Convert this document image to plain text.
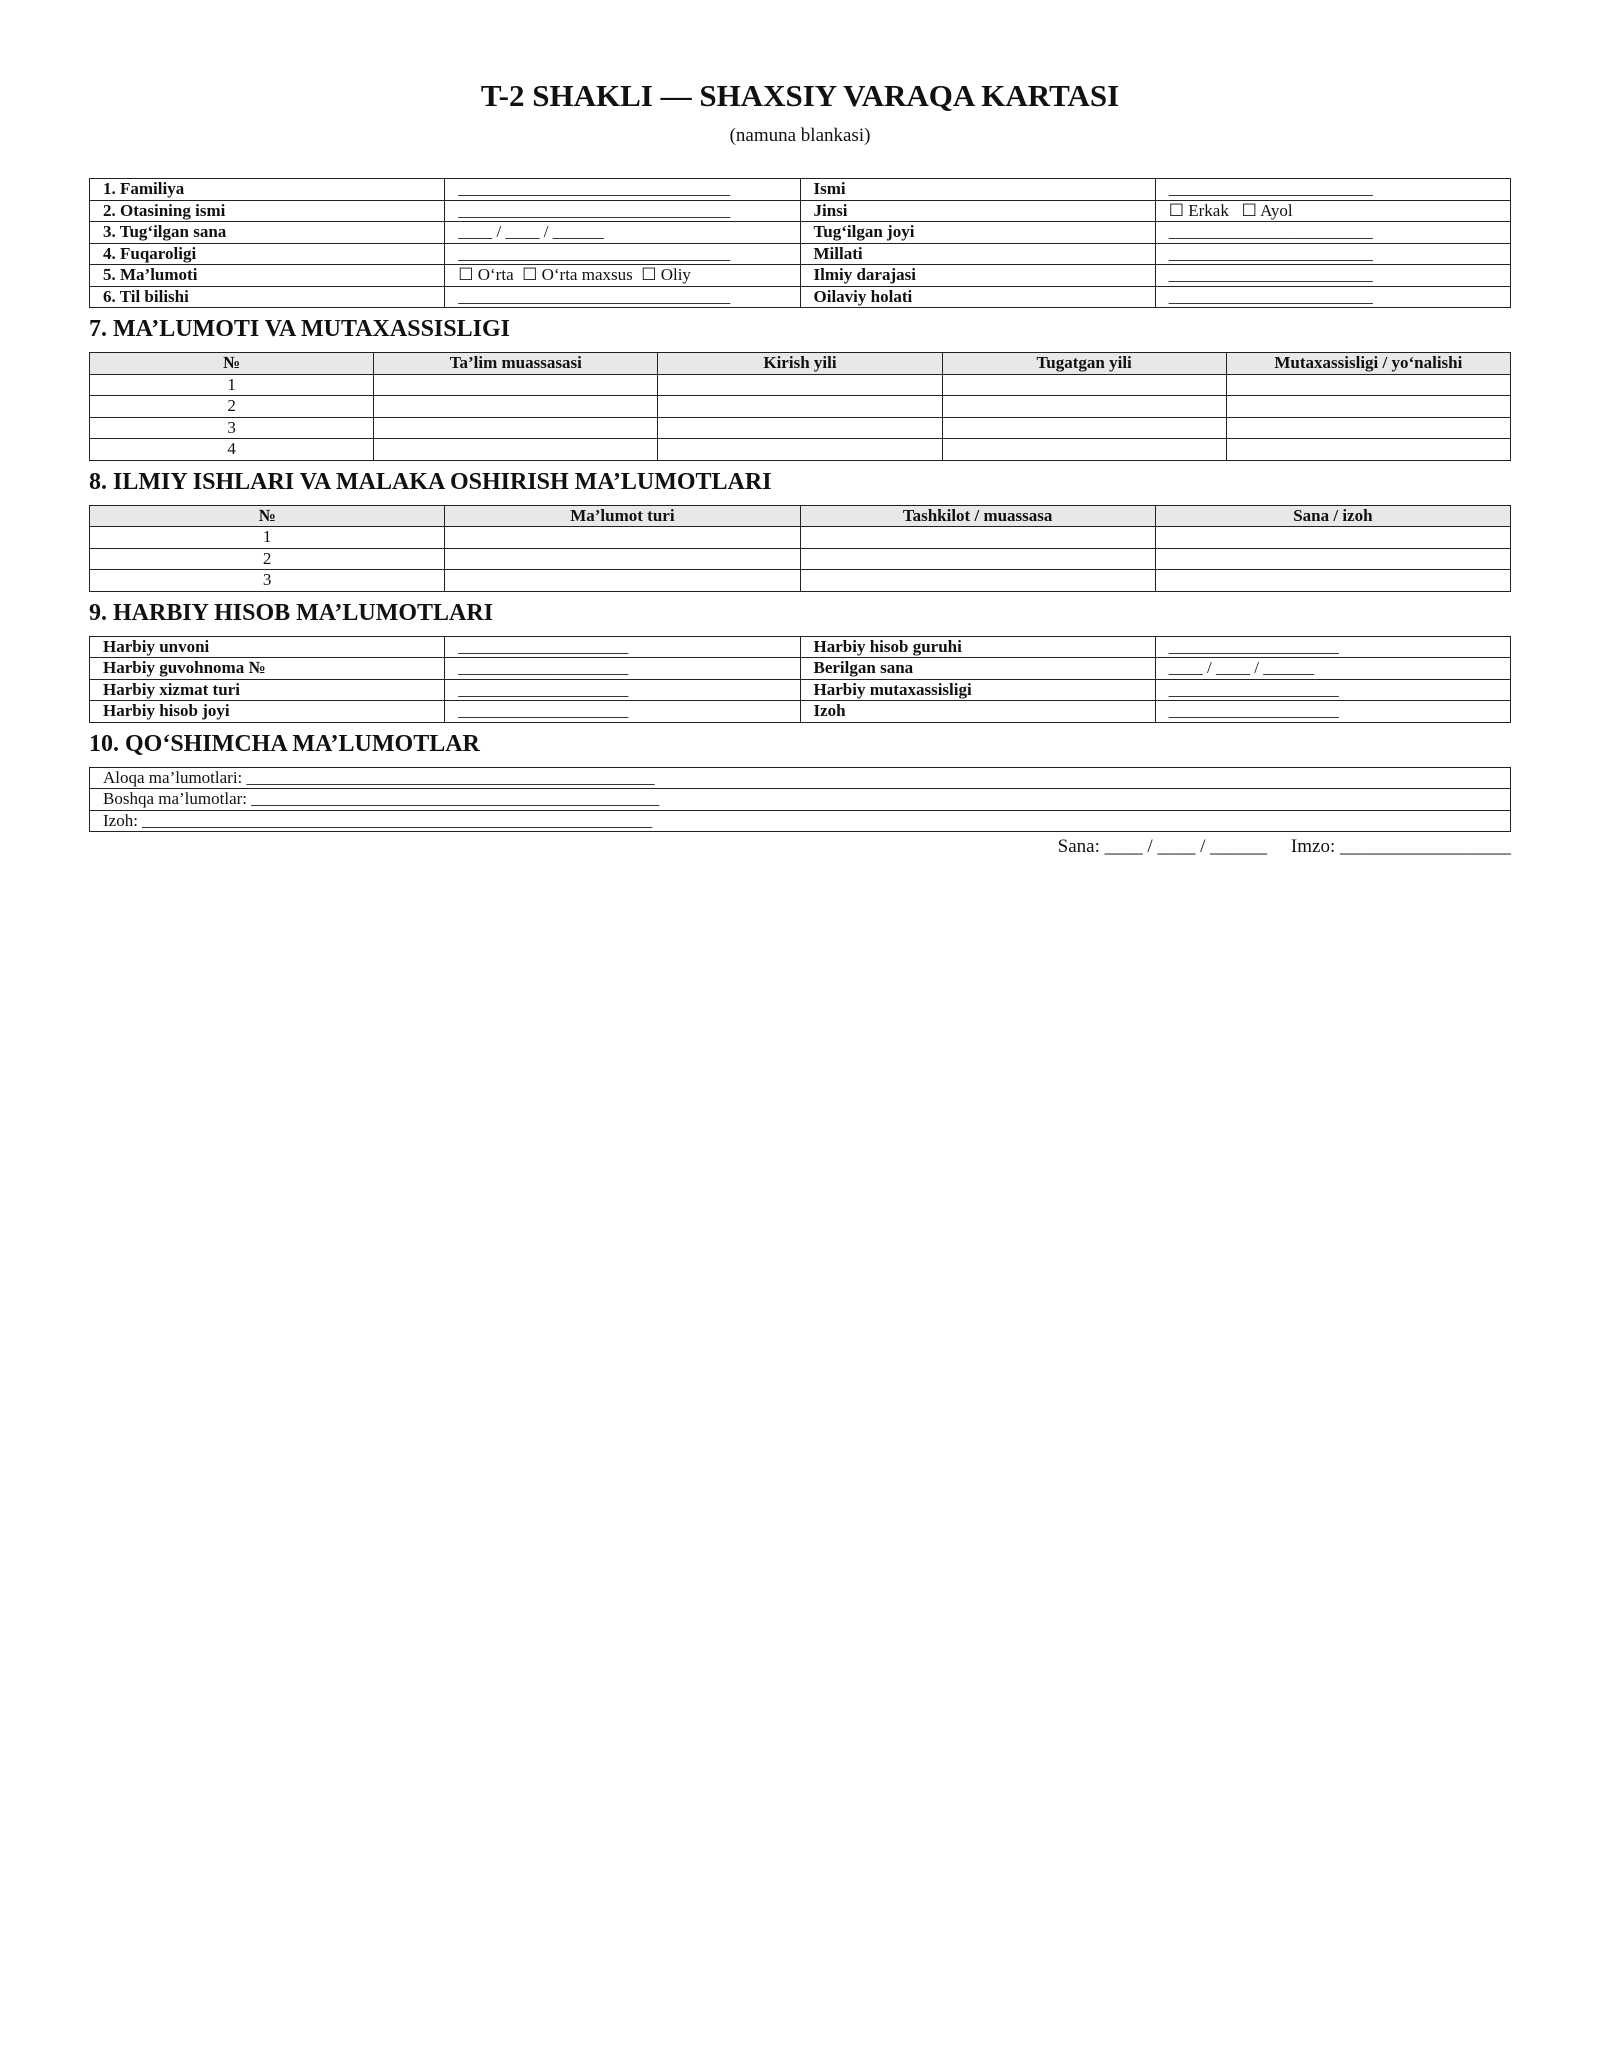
T-2 SHAKLI — SHAXSIY VARAQA KARTASI
(namuna blankasi)
1. Familiya	________________________________	Ismi	________________________
2. Otasining ismi	________________________________	Jinsi	☐ Erkak   ☐ Ayol
3. Tug‘ilgan sana	____ / ____ / ______	Tug‘ilgan joyi	________________________
4. Fuqaroligi	________________________________	Millati	________________________
5. Ma’lumoti	☐ O‘rta  ☐ O‘rta maxsus  ☐ Oliy	Ilmiy darajasi	________________________
6. Til bilishi	________________________________	Oilaviy holati	________________________
7. MA’LUMOTI VA MUTAXASSISLIGI
№	Ta’lim muassasasi	Kirish yili	Tugatgan yili	Mutaxassisligi / yo‘nalishi
1				
2				
3				
4				
8. ILMIY ISHLARI VA MALAKA OSHIRISH MA’LUMOTLARI
№	Ma’lumot turi	Tashkilot / muassasa	Sana / izoh
1			
2			
3			
9. HARBIY HISOB MA’LUMOTLARI
Harbiy unvoni	____________________	Harbiy hisob guruhi	____________________
Harbiy guvohnoma №	____________________	Berilgan sana	____ / ____ / ______
Harbiy xizmat turi	____________________	Harbiy mutaxassisligi	____________________
Harbiy hisob joyi	____________________	Izoh	____________________
10. QO‘SHIMCHA MA’LUMOTLAR
Aloqa ma’lumotlari: ________________________________________________
Boshqa ma’lumotlar: ________________________________________________
Izoh: ____________________________________________________________
Sana: ____ / ____ / ______ Imzo: __________________
